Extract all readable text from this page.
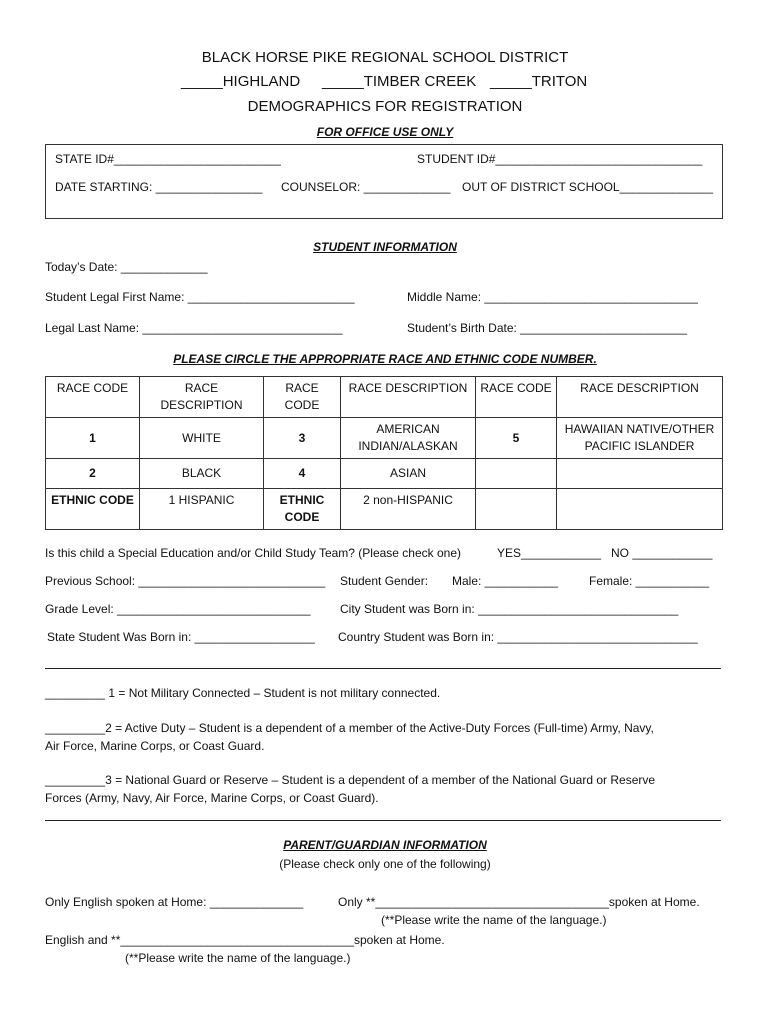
BLACK HORSE PIKE REGIONAL SCHOOL DISTRICT
_____HIGHLAND _____TIMBER CREEK _____TRITON
DEMOGRAPHICS FOR REGISTRATION
FOR OFFICE USE ONLY
STATE ID#_________________________	STUDENT ID#_______________________________
DATE STARTING: ________________ COUNSELOR: _____________ OUT OF DISTRICT SCHOOL______________
STUDENT INFORMATION
Today’s Date: _____________
Student Legal First Name: _________________________	Middle Name: ________________________________
Legal Last Name: ______________________________	Student’s Birth Date: _________________________
PLEASE CIRCLE THE APPROPRIATE RACE AND ETHNIC CODE NUMBER.
RACE CODE	RACE DESCRIPTION	RACE CODE	RACE DESCRIPTION	RACE CODE	RACE DESCRIPTION
1	WHITE	3	AMERICAN INDIAN/ALASKAN	5	HAWAIIAN NATIVE/OTHER PACIFIC ISLANDER
2	BLACK	4	ASIAN		
ETHNIC CODE	1 HISPANIC	ETHNIC CODE	2 non-HISPANIC		
Is this child a Special Education and/or Child Study Team? (Please check one)	YES____________ NO ____________
Previous School: ____________________________ Student Gender: Male: ___________	Female: ___________
Grade Level: _____________________________ City Student was Born in: ______________________________
State Student Was Born in: __________________ Country Student was Born in: ______________________________
_________ 1 = Not Military Connected – Student is not military connected.
_________2 = Active Duty – Student is a dependent of a member of the Active-Duty Forces (Full-time) Army, Navy,
Air Force, Marine Corps, or Coast Guard.
_________3 = National Guard or Reserve – Student is a dependent of a member of the National Guard or Reserve
Forces (Army, Navy, Air Force, Marine Corps, or Coast Guard).
PARENT/GUARDIAN INFORMATION
(Please check only one of the following)
Only English spoken at Home: ______________	Only **___________________________________spoken at Home.
(**Please write the name of the language.)
English and **___________________________________spoken at Home.
(**Please write the name of the language.)
